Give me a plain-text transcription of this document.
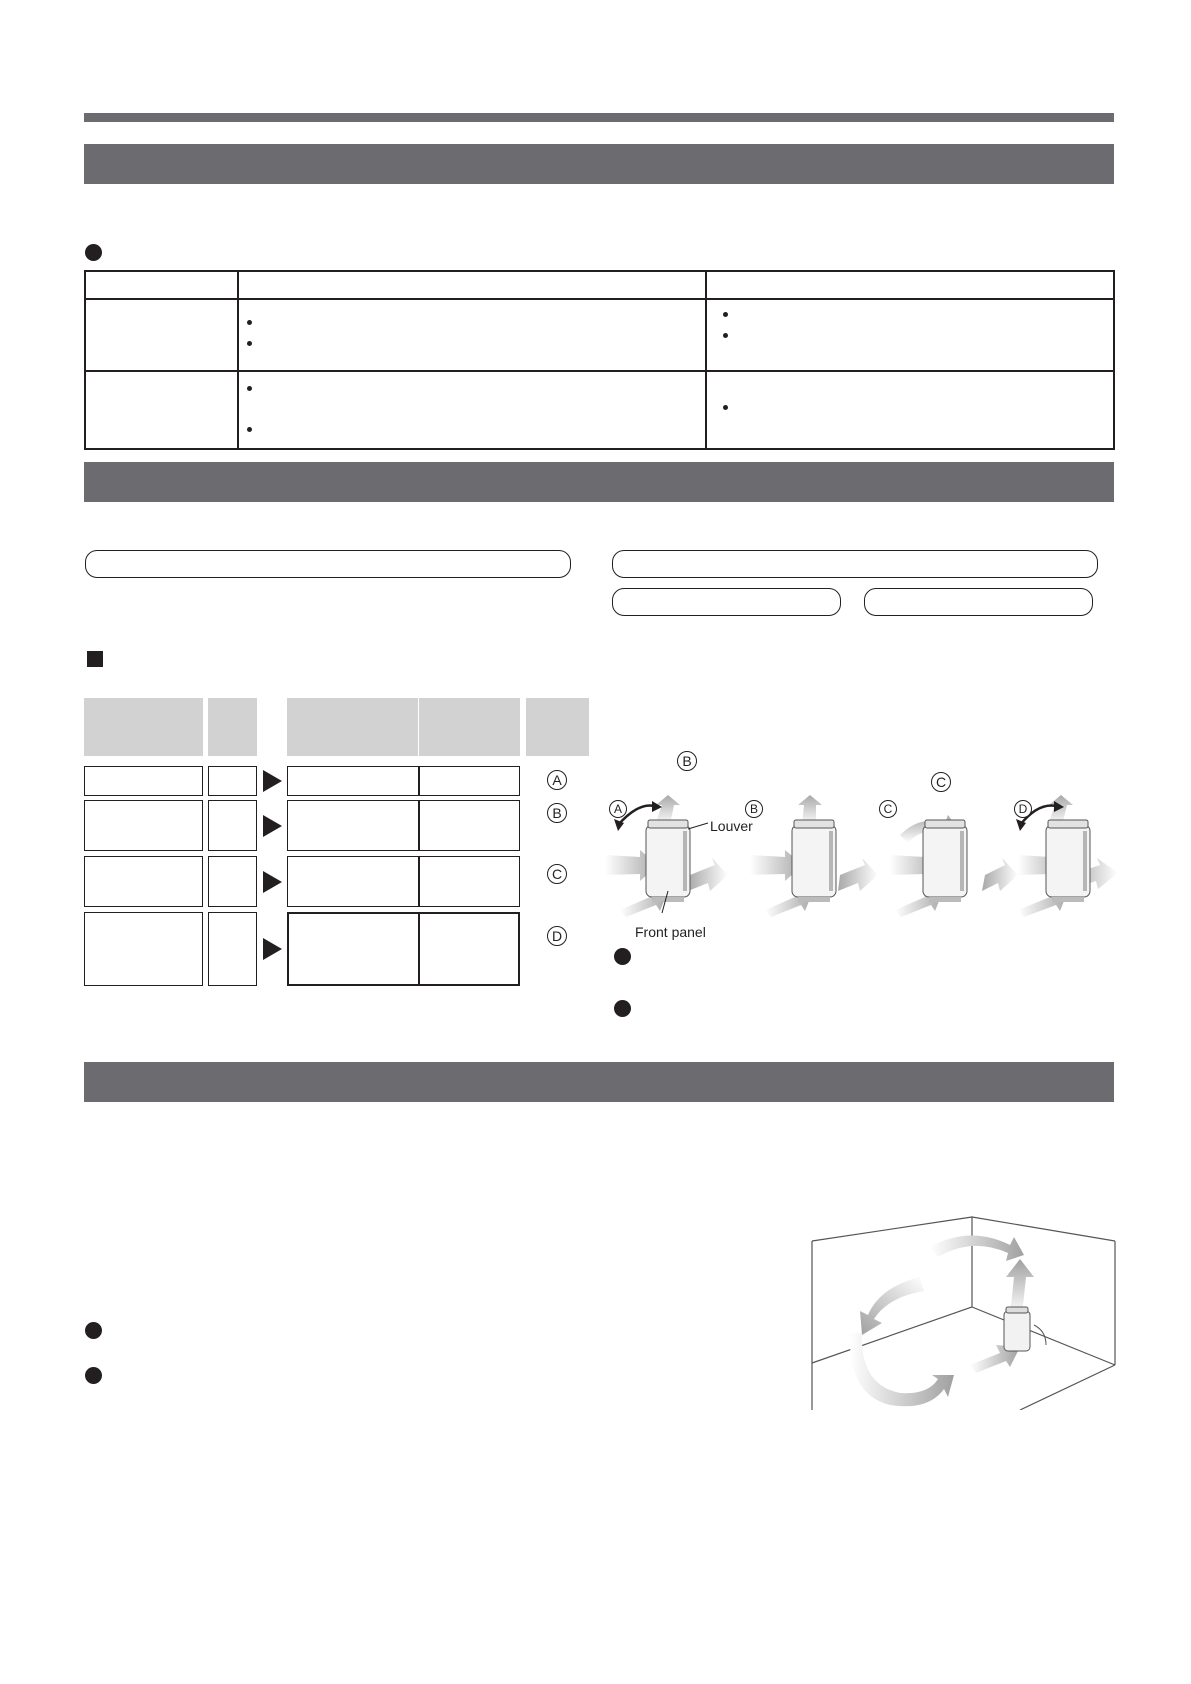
A
B
C
D
B
C
A	B	C	D
Louver
Front panel
